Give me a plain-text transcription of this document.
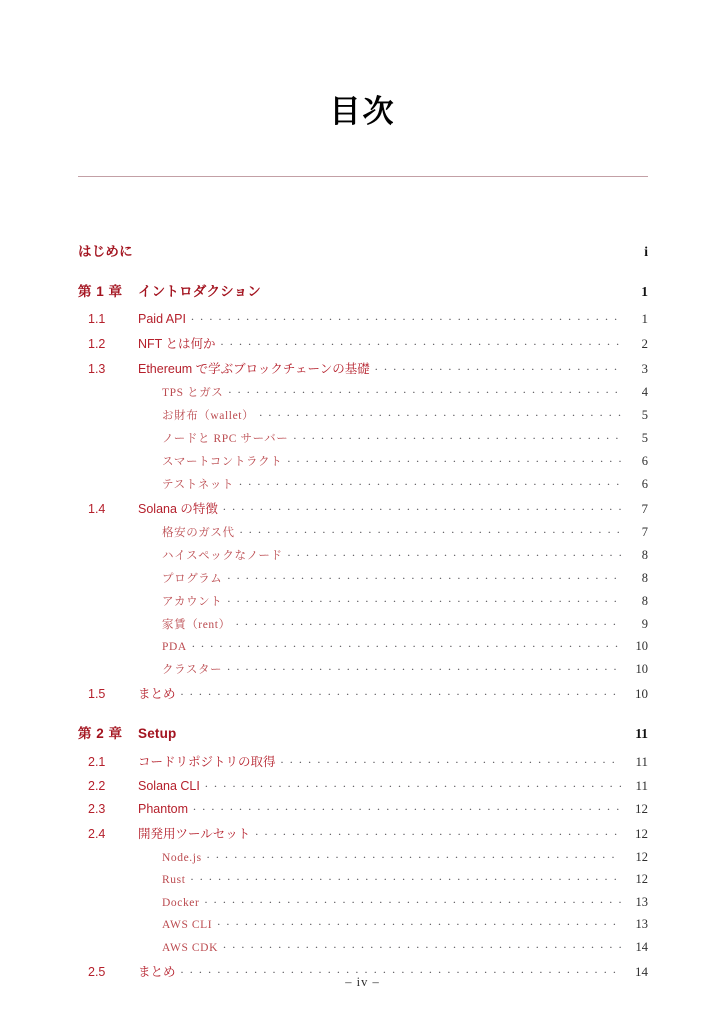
目次
はじめに	i
第 1 章	イントロダクション	1
1.1	Paid API . . .	1
1.2	NFT とは何か . . .	2
1.3	Ethereum で学ぶブロックチェーンの基礎 . . .	3
TPS とガス . . .	4
お財布（wallet） . . .	5
ノードと RPC サーバー . . .	5
スマートコントラクト . . .	6
テストネット . . .	6
1.4	Solana の特徴 . . .	7
格安のガス代 . . .	7
ハイスペックなノード . . .	8
プログラム . . .	8
アカウント . . .	8
家賃（rent） . . .	9
PDA . . .	10
クラスター . . .	10
1.5	まとめ . . .	10
第 2 章	Setup	11
2.1	コードリポジトリの取得 . . .	11
2.2	Solana CLI . . .	11
2.3	Phantom . . .	12
2.4	開発用ツールセット . . .	12
Node.js . . .	12
Rust . . .	12
Docker . . .	13
AWS CLI . . .	13
AWS CDK . . .	14
2.5	まとめ . . .	14
– iv –
